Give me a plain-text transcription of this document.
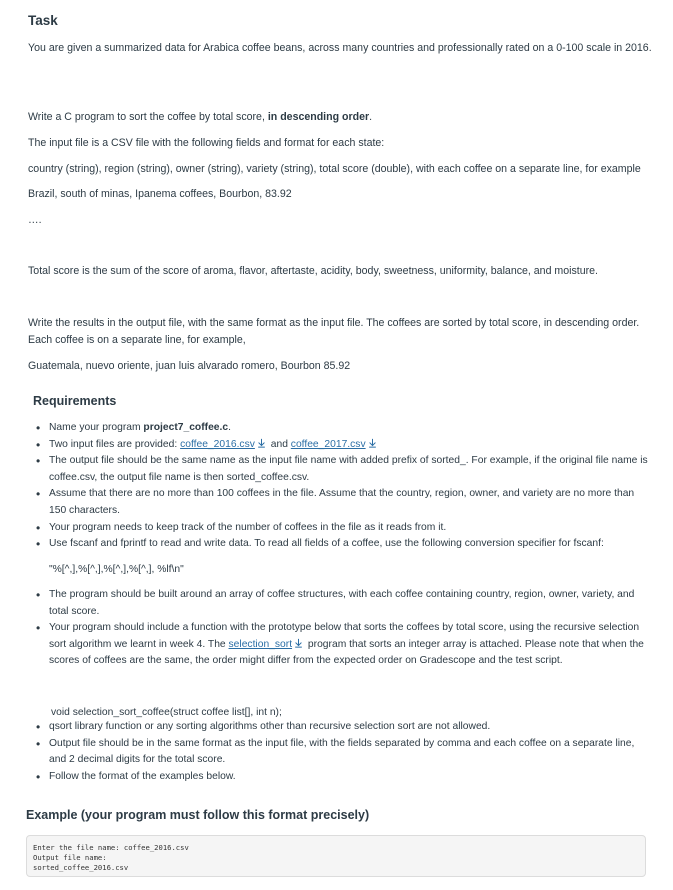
Task

You are given a summarized data for Arabica coffee beans, across many countries and professionally rated on a 0-100 scale in 2016.

Write a C program to sort the coffee by total score, in descending order.

The input file is a CSV file with the following fields and format for each state:

country (string), region (string), owner (string), variety (string), total score (double), with each coffee on a separate line, for example

Brazil, south of minas, Ipanema coffees, Bourbon, 83.92

….

Total score is the sum of the score of aroma, flavor, aftertaste, acidity, body, sweetness, uniformity, balance, and moisture.

Write the results in the output file, with the same format as the input file. The coffees are sorted by total score, in descending order. Each coffee is on a separate line, for example,

Guatemala, nuevo oriente, juan luis alvarado romero, Bourbon 85.92

Requirements
• Name your program project7_coffee.c.
• Two input files are provided: coffee_2016.csv and coffee_2017.csv
• The output file should be the same name as the input file name with added prefix of sorted_. For example, if the original file name is coffee.csv, the output file name is then sorted_coffee.csv.
• Assume that there are no more than 100 coffees in the file. Assume that the country, region, owner, and variety are no more than 150 characters.
• Your program needs to keep track of the number of coffees in the file as it reads from it.
• Use fscanf and fprintf to read and write data. To read all fields of a coffee, use the following conversion specifier for fscanf:
"%[^,],%[^,],%[^,],%[^,], %lf\n"
• The program should be built around an array of coffee structures, with each coffee containing country, region, owner, variety, and total score.
• Your program should include a function with the prototype below that sorts the coffees by total score, using the recursive selection sort algorithm we learnt in week 4. The selection_sort program that sorts an integer array is attached. Please note that when the scores of coffees are the same, the order might differ from the expected order on Gradescope and the test script.
void selection_sort_coffee(struct coffee list[], int n);
• qsort library function or any sorting algorithms other than recursive selection sort are not allowed.
• Output file should be in the same format as the input file, with the fields separated by comma and each coffee on a separate line, and 2 decimal digits for the total score.
• Follow the format of the examples below.
Example (your program must follow this format precisely)
Enter the file name: coffee_2016.csv
Output file name:
sorted_coffee_2016.csv
